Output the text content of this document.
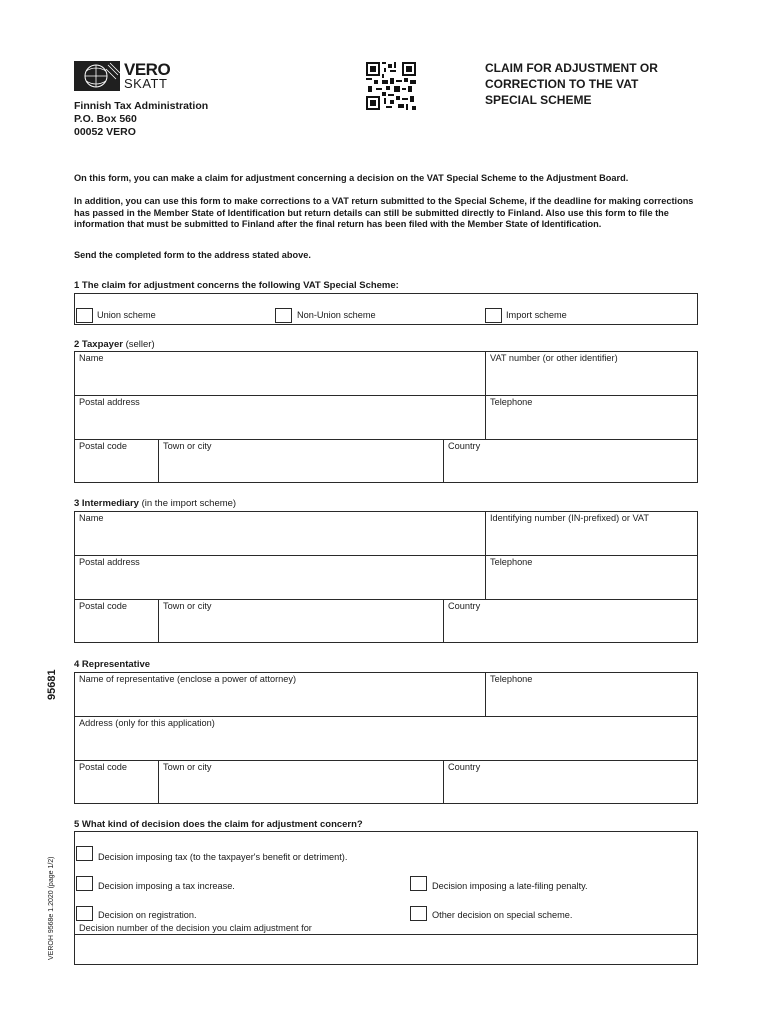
VERO
SKATT
Finnish Tax Administration
P.O. Box 560
00052 VERO
CLAIM FOR ADJUSTMENT OR
CORRECTION TO THE VAT
SPECIAL SCHEME
On this form, you can make a claim for adjustment concerning a decision on the VAT Special Scheme to the Adjustment Board.
In addition, you can use this form to make corrections to a VAT return submitted to the Special Scheme, if the deadline for making corrections has passed in the Member State of Identification but return details can still be submitted directly to Finland. Also use this form to file the information that must be submitted to Finland after the final return has been filed with the Member State of Identification.
Send the completed form to the address stated above.
1 The claim for adjustment concerns the following VAT Special Scheme:
Union scheme	Non-Union scheme	Import scheme
2 Taxpayer (seller)
Name	VAT number (or other identifier)
Postal address	Telephone
Postal code	Town or city	Country
3 Intermediary (in the import scheme)
Name	Identifying number (IN-prefixed) or VAT
Postal address	Telephone
Postal code	Town or city	Country
4 Representative
Name of representative (enclose a power of attorney)	Telephone
Address (only for this application)
Postal code	Town or city	Country
5 What kind of decision does the claim for adjustment concern?
Decision imposing tax (to the taxpayer's benefit or detriment).
Decision imposing a tax increase.	Decision imposing a late-filing penalty.
Decision on registration.	Other decision on special scheme.
Decision number of the decision you claim adjustment for
95681
VEROH 9568e 1.2020 (page 1/2)
